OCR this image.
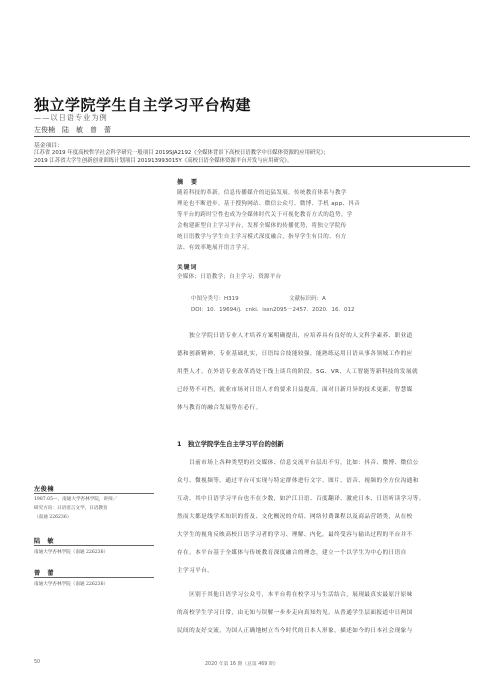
独立学院学生自主学习平台构建
——以日语专业为例
左俊楠　陆　敏　曾　蕾
基金项目：
江苏省 2019 年度高校哲学社会科学研究一般项目 2019SJA2192《全媒体背景下高校日语教学中日媒体资源的应用研究》；
2019 江苏省大学生创新创业训练计划项目 201913993015Y《高校日语全媒体资源平台开发与应用研究》。
摘　要
随着科技的革新，信息传播媒介的迅猛发展，传统教育体系与教学
理论也不断进步。基于搜狗网站、微信公众号、微博、手机 app、抖音
等平台的跨时空性也成为全媒体时代关于可视化教育方式的趋势。学
会构建新型自主学习平台，发挥全媒体的传播优势，将独立学院传
统日语教学与学生自主学习模式深度融合，指导学生有目的、有方
法、有效率地展开语言学习。
关键词
全媒体；日语教学；自主学习；资源平台
中图分类号：H319	文献标识码：A
DOI：10．19694/j．cnki．issn2095－2457．2020．16．012
　　独立学院日语专业人才培养方案明确提出，应培养具有良好的人文科学素养、职业道
德和创新精神，专业基础扎实，日语综合技能较强，能熟练运用日语从事各领域工作的应
用型人才。在外语专业改革尚处于线上谈兵的阶段，5G、VR、人工智能等新科技的发展就
已经势不可挡，就业市场对日语人才的要求日益提高，面对日新月异的技术更新，智慧媒
体与教育的融合发展势在必行。
1　独立学院学生自主学习平台的创新
　　目前市场上各种类型的社交媒体、信息交流平台层出不穷，比如：抖音、微博、微信公
众号、微视频等。通过平台可实现与特定群体进行文字、图片、语音、视频的全方位沟通和
互动。其中日语学习平台也不在少数，如沪江日语、百度翻译、激虎日本、日语听读学习等。
然而大都是线学术知识的普及、文化概况的介绍、网络付费课程以及商品营销类，从在校
大学生的视角反映高校日语学习者的学习、理解、内化，最终受容与输出过程的平台并不
存在。本平台基于全媒体与传统教育深度融合的理念，建立一个以学生为中心的日语自
主学习平台。
　　区别于其他日语学习公众号，本平台将在校学习与生活结合，展现最真实最原汁原味
的高校学生学习日常，由无知与误解一步步走向真知灼见。从普通学生层面报道中日两国
民间的友好交流，为国人正确地树立当今时代的日本人形象，描述如今的日本社会现象与
左俊楠
1987.05—，南通大学杏林学院，讲师／
研究方向：日语语言文学、日语教育
（南通 226236）
陆　敏
南通大学杏林学院（南通 226236）
曾　蕾
南通大学杏林学院（南通 226236）
50	2020 年第 16 期（总第 469 期）
